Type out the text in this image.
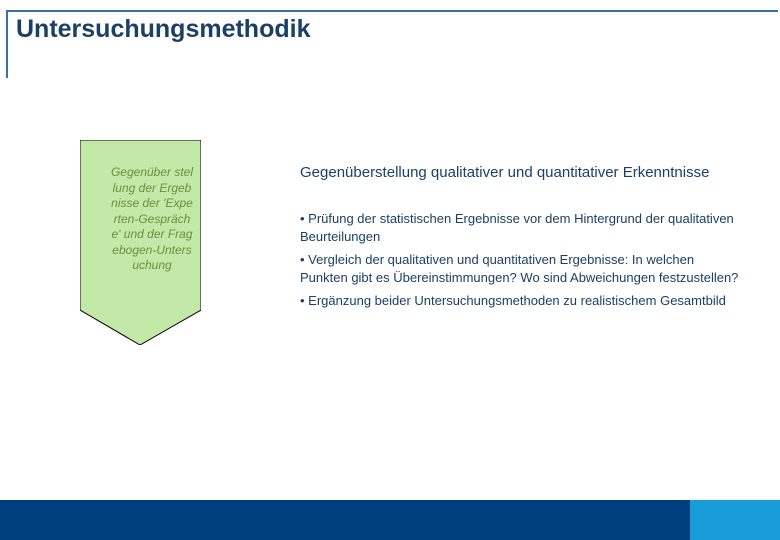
Untersuchungsmethodik
Gegenüber stellung der Ergebnisse der 'Experten-Gespräche' und der Fragebogen-Untersuchung
Gegenüberstellung qualitativer und quantitativer Erkenntnisse
• Prüfung der statistischen Ergebnisse vor dem Hintergrund der qualitativen Beurteilungen
• Vergleich der qualitativen und quantitativen Ergebnisse: In welchen Punkten gibt es Übereinstimmungen? Wo sind Abweichungen festzustellen?
• Ergänzung beider Untersuchungsmethoden zu realistischem Gesamtbild
